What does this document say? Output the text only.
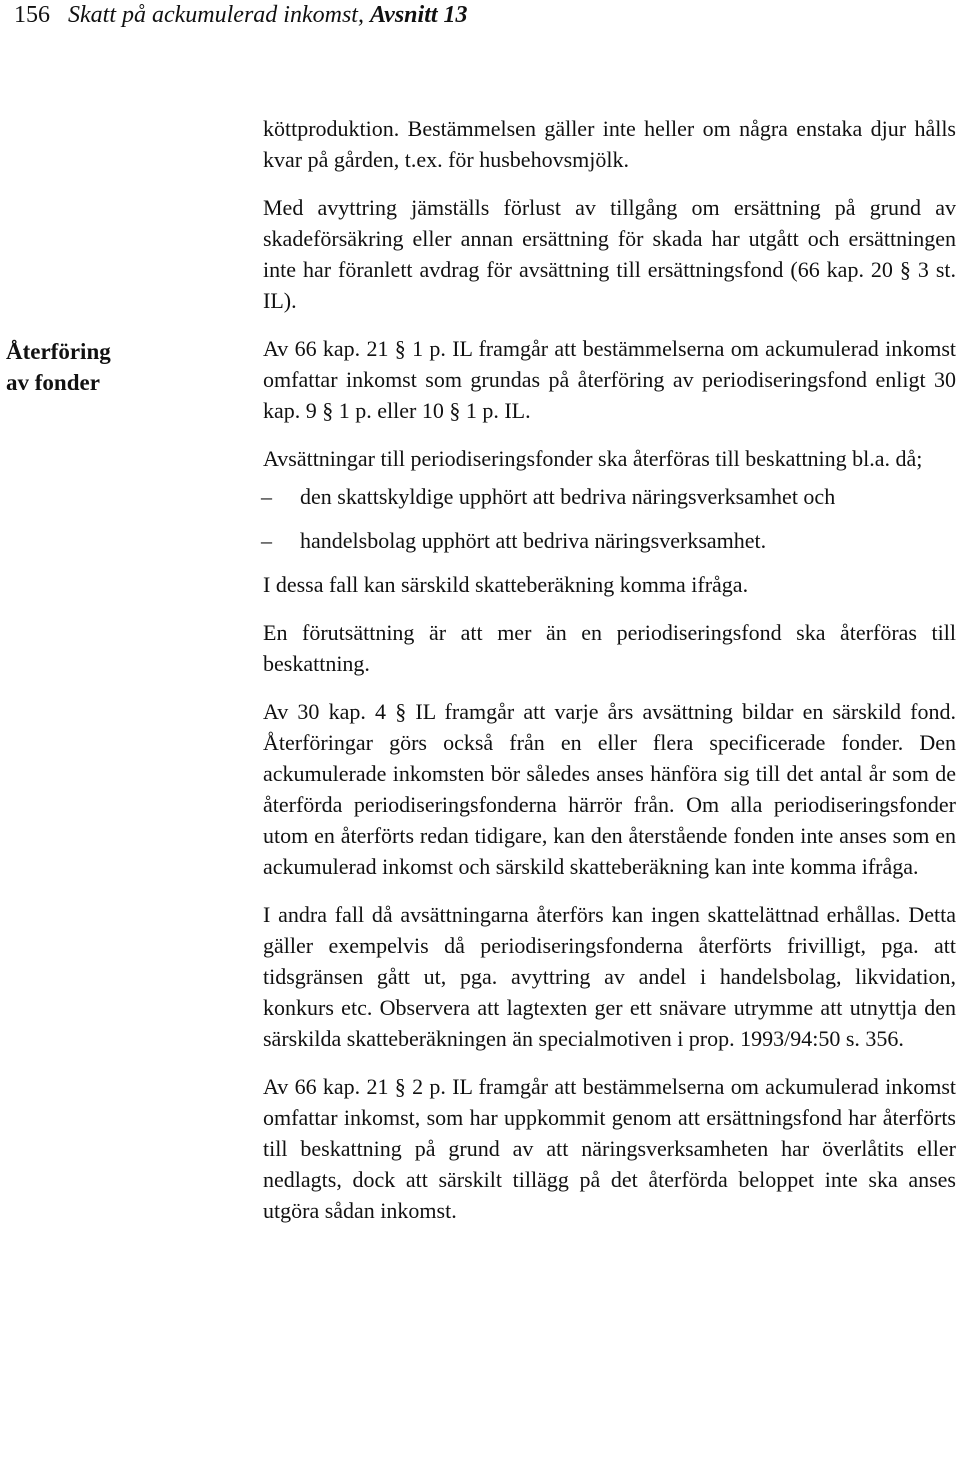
156 Skatt på ackumulerad inkomst, Avsnitt 13
Återföring
av fonder

köttproduktion. Bestämmelsen gäller inte heller om några enstaka djur hålls kvar på gården, t.ex. för husbehovsmjölk.

Med avyttring jämställs förlust av tillgång om ersättning på grund av skadeförsäkring eller annan ersättning för skada har utgått och ersättningen inte har föranlett avdrag för avsättning till ersättningsfond (66 kap. 20 § 3 st. IL).

Av 66 kap. 21 § 1 p. IL framgår att bestämmelserna om ackumulerad inkomst omfattar inkomst som grundas på återföring av periodiseringsfond enligt 30 kap. 9 § 1 p. eller 10 § 1 p. IL.

Avsättningar till periodiseringsfonder ska återföras till beskattning bl.a. då;

– den skattskyldige upphört att bedriva näringsverksamhet och
– handelsbolag upphört att bedriva näringsverksamhet.

I dessa fall kan särskild skatteberäkning komma ifråga.

En förutsättning är att mer än en periodiseringsfond ska återföras till beskattning.

Av 30 kap. 4 § IL framgår att varje års avsättning bildar en särskild fond. Återföringar görs också från en eller flera specificerade fonder. Den ackumulerade inkomsten bör således anses hänföra sig till det antal år som de återförda periodiseringsfonderna härrör från. Om alla periodiseringsfonder utom en återförts redan tidigare, kan den återstående fonden inte anses som en ackumulerad inkomst och särskild skatteberäkning kan inte komma ifråga.

I andra fall då avsättningarna återförs kan ingen skattelättnad erhållas. Detta gäller exempelvis då periodiseringsfonderna återförts frivilligt, pga. att tidsgränsen gått ut, pga. avyttring av andel i handelsbolag, likvidation, konkurs etc. Observera att lagtexten ger ett snävare utrymme att utnyttja den särskilda skatteberäkningen än specialmotiven i prop. 1993/94:50 s. 356.

Av 66 kap. 21 § 2 p. IL framgår att bestämmelserna om ackumulerad inkomst omfattar inkomst, som har uppkommit genom att ersättningsfond har återförts till beskattning på grund av att näringsverksamheten har överlåtits eller nedlagts, dock att särskilt tillägg på det återförda beloppet inte ska anses utgöra sådan inkomst.
